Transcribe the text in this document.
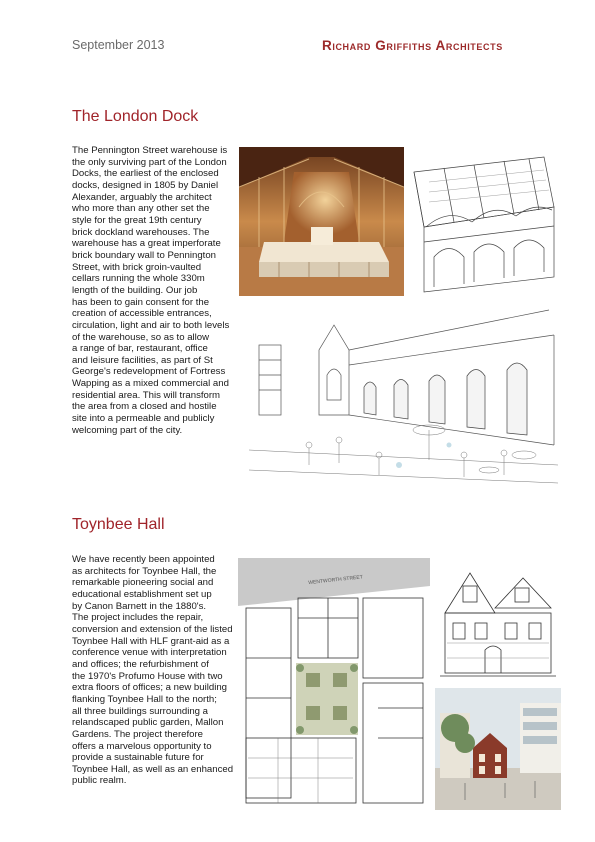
September 2013	Richard Griffiths Architects
The London Dock
The Pennington Street warehouse is
the only surviving part of the London
Docks, the earliest of the enclosed
docks, designed in 1805 by Daniel
Alexander, arguably the architect
who more than any other set the
style for the great 19th century
brick dockland warehouses. The
warehouse has a great imperforate
brick boundary wall to Pennington
Street, with brick groin-vaulted
cellars running the whole 330m
length of the building. Our job
has been to gain consent for the
creation of accessible entrances,
circulation, light and air to both levels
of the warehouse, so as to allow
a range of bar, restaurant, office
and leisure facilities, as part of St
George's redevelopment of Fortress
Wapping as a mixed commercial and
residential area. This will transform
the area from a closed and hostile
site into a permeable and publicly
welcoming part of the city.
Toynbee Hall
We have recently been appointed
as architects for Toynbee Hall, the
remarkable pioneering social and
educational establishment set up
by Canon Barnett in the 1880's.
The project includes the repair,
conversion and extension of the listed
Toynbee Hall with HLF grant-aid as a
conference venue with interpretation
and offices; the refurbishment of
the 1970's Profumo House with two
extra floors of offices; a new building
flanking Toynbee Hall to the north;
all three buildings surrounding a
relandscaped public garden, Mallon
Gardens. The project therefore
offers a marvelous opportunity to
provide a sustainable future for
Toynbee Hall, as well as an enhanced
public realm.
WENTWORTH STREET
